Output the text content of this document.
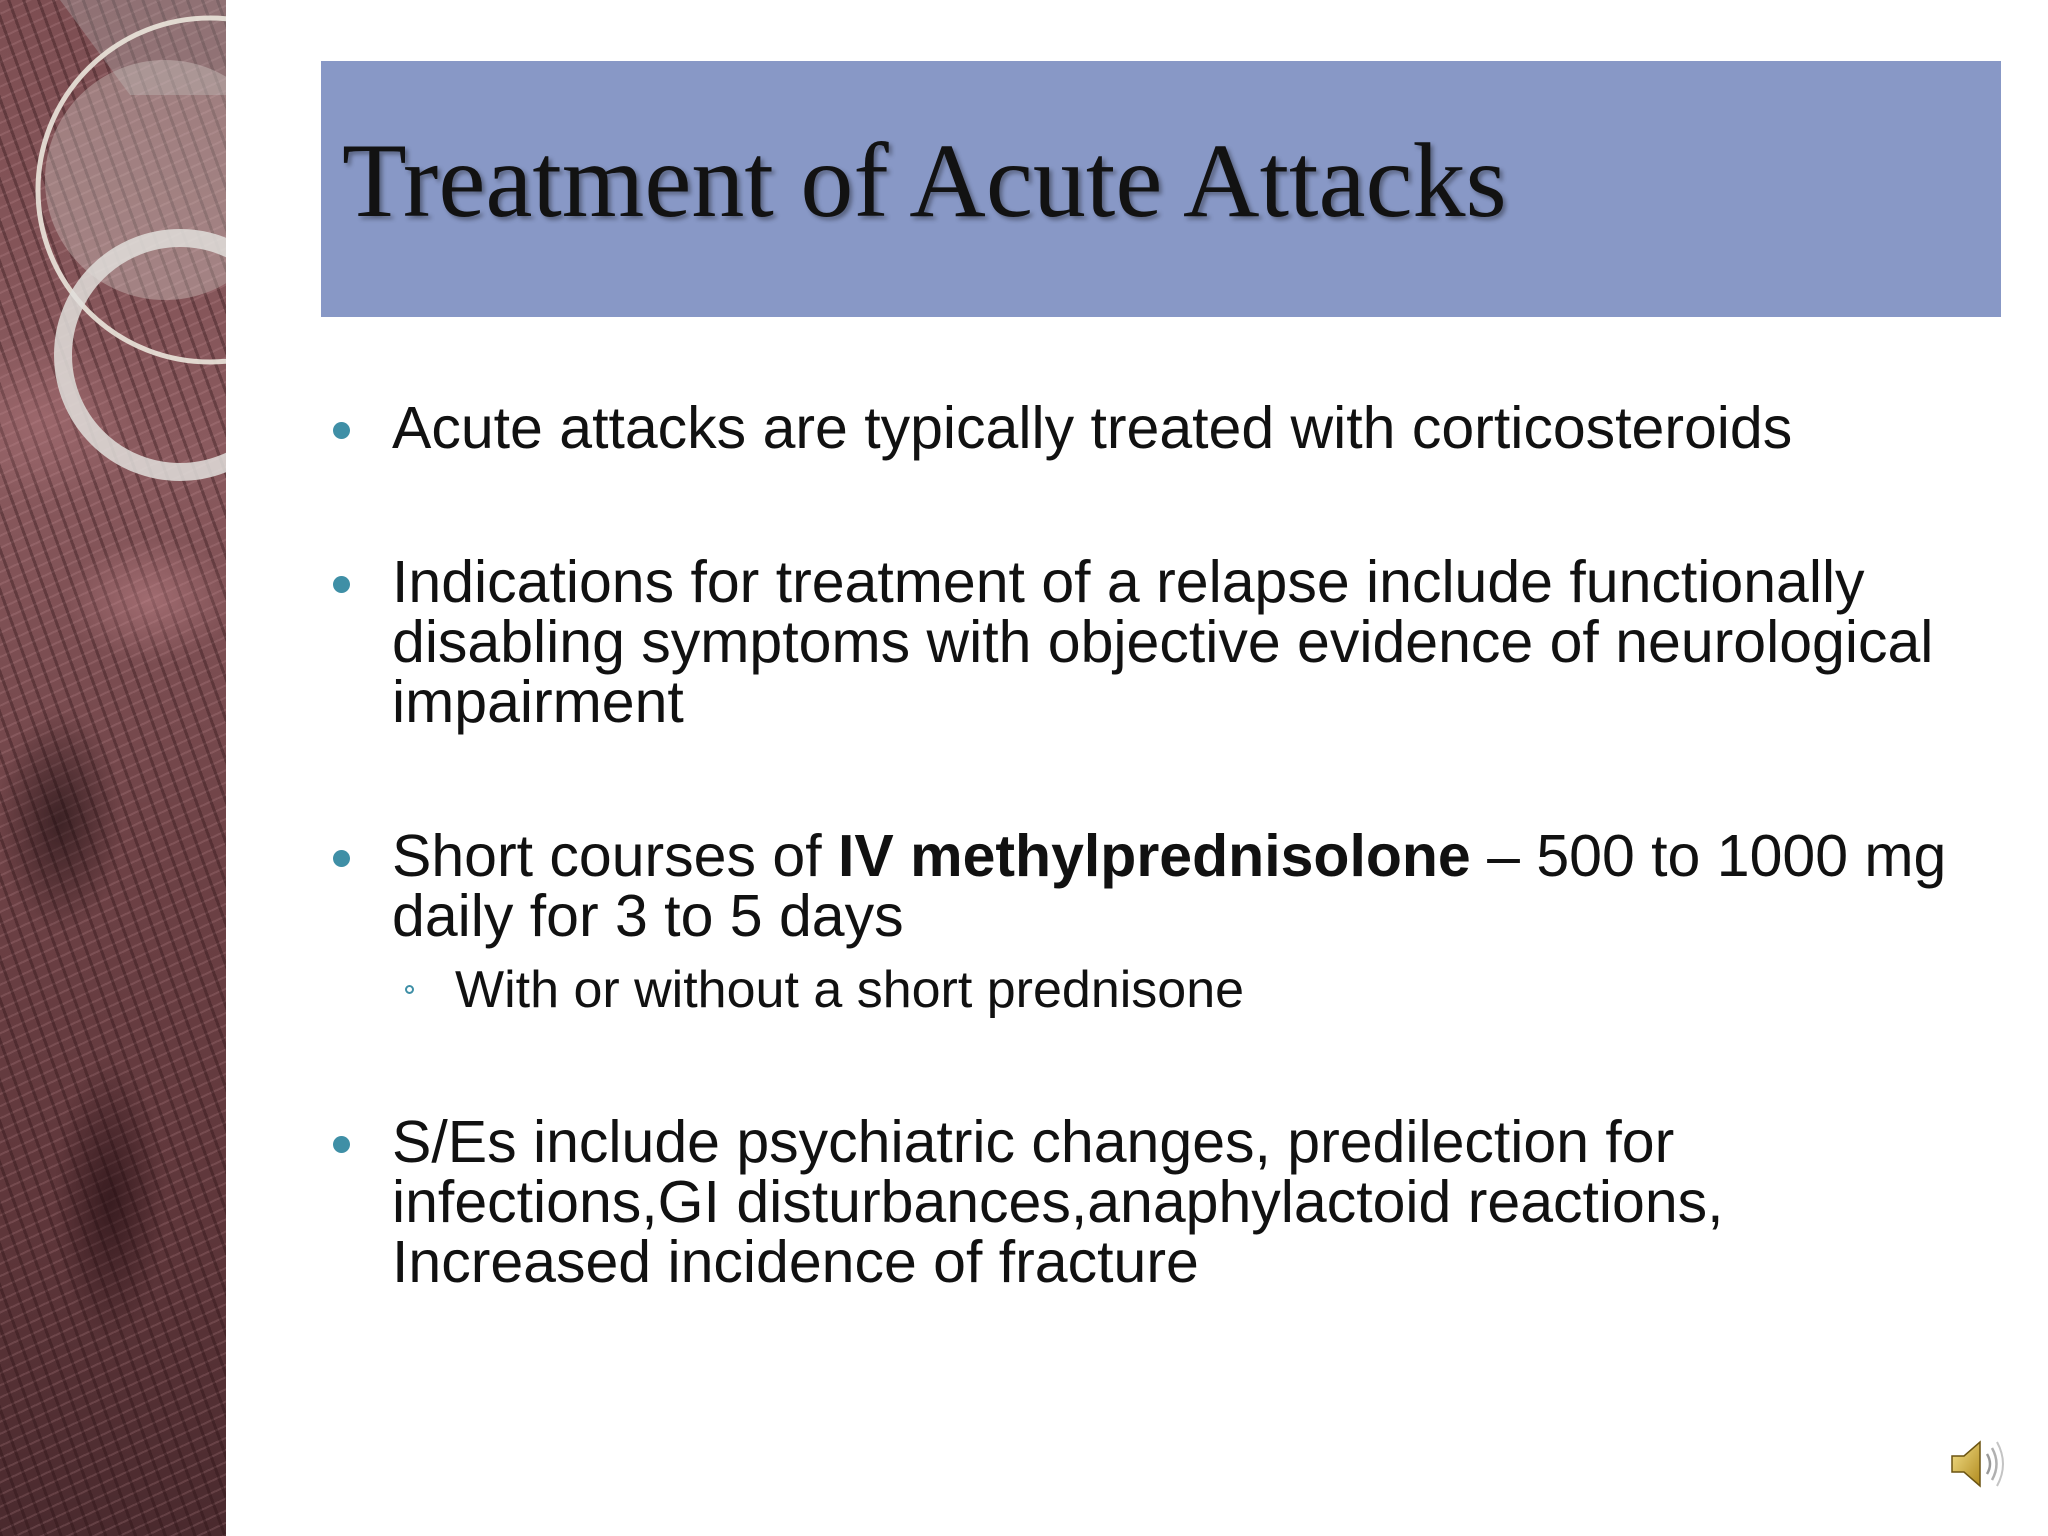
Treatment of Acute Attacks
Acute attacks are typically treated with corticosteroids
Indications for treatment of a relapse include functionally disabling symptoms with objective evidence of neurological impairment
Short courses of IV methylprednisolone – 500 to 1000 mg daily for 3 to 5 days
With or without a short prednisone
S/Es include psychiatric changes, predilection for infections,GI disturbances,anaphylactoid reactions, Increased incidence of fracture
